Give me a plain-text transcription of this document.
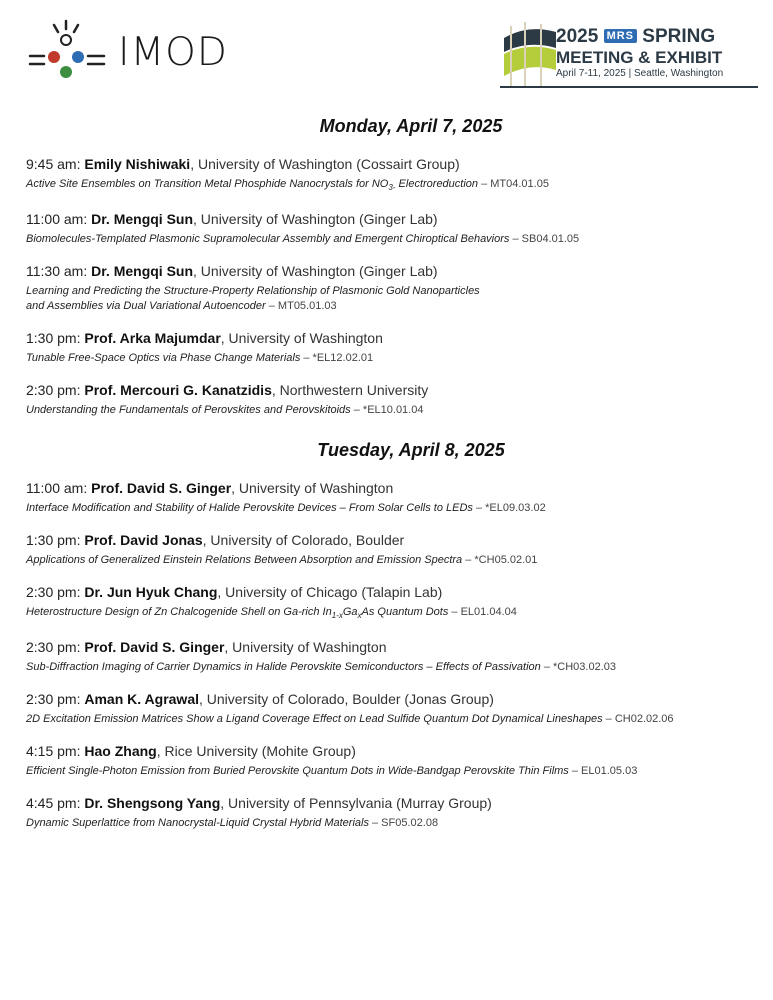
IMOD	2025 MRS SPRING
MEETING & EXHIBIT
April 7-11, 2025 | Seattle, Washington
Monday, April 7, 2025
9:45 am: Emily Nishiwaki, University of Washington (Cossairt Group)
Active Site Ensembles on Transition Metal Phosphide Nanocrystals for $NO_{3-}$ Electroreduction – MT04.01.05
11:00 am: Dr. Mengqi Sun, University of Washington (Ginger Lab)
Biomolecules-Templated Plasmonic Supramolecular Assembly and Emergent Chiroptical Behaviors – SB04.01.05
11:30 am: Dr. Mengqi Sun, University of Washington (Ginger Lab)
Learning and Predicting the Structure-Property Relationship of Plasmonic Gold Nanoparticles
and Assemblies via Dual Variational Autoencoder – MT05.01.03
1:30 pm: Prof. Arka Majumdar, University of Washington
Tunable Free-Space Optics via Phase Change Materials – *EL12.02.01
2:30 pm: Prof. Mercouri G. Kanatzidis, Northwestern University
Understanding the Fundamentals of Perovskites and Perovskitoids – *EL10.01.04
Tuesday, April 8, 2025
11:00 am: Prof. David S. Ginger, University of Washington
Interface Modification and Stability of Halide Perovskite Devices – From Solar Cells to LEDs – *EL09.03.02
1:30 pm: Prof. David Jonas, University of Colorado, Boulder
Applications of Generalized Einstein Relations Between Absorption and Emission Spectra – *CH05.02.01
2:30 pm: Dr. Jun Hyuk Chang, University of Chicago (Talapin Lab)
Heterostructure Design of Zn Chalcogenide Shell on Ga-rich $In_{1-x}Ga_xAs$ Quantum Dots – EL01.04.04
2:30 pm: Prof. David S. Ginger, University of Washington
Sub-Diffraction Imaging of Carrier Dynamics in Halide Perovskite Semiconductors – Effects of Passivation – *CH03.02.03
2:30 pm: Aman K. Agrawal, University of Colorado, Boulder (Jonas Group)
2D Excitation Emission Matrices Show a Ligand Coverage Effect on Lead Sulfide Quantum Dot Dynamical Lineshapes – CH02.02.06
4:15 pm: Hao Zhang, Rice University (Mohite Group)
Efficient Single-Photon Emission from Buried Perovskite Quantum Dots in Wide-Bandgap Perovskite Thin Films – EL01.05.03
4:45 pm: Dr. Shengsong Yang, University of Pennsylvania (Murray Group)
Dynamic Superlattice from Nanocrystal-Liquid Crystal Hybrid Materials – SF05.02.08
